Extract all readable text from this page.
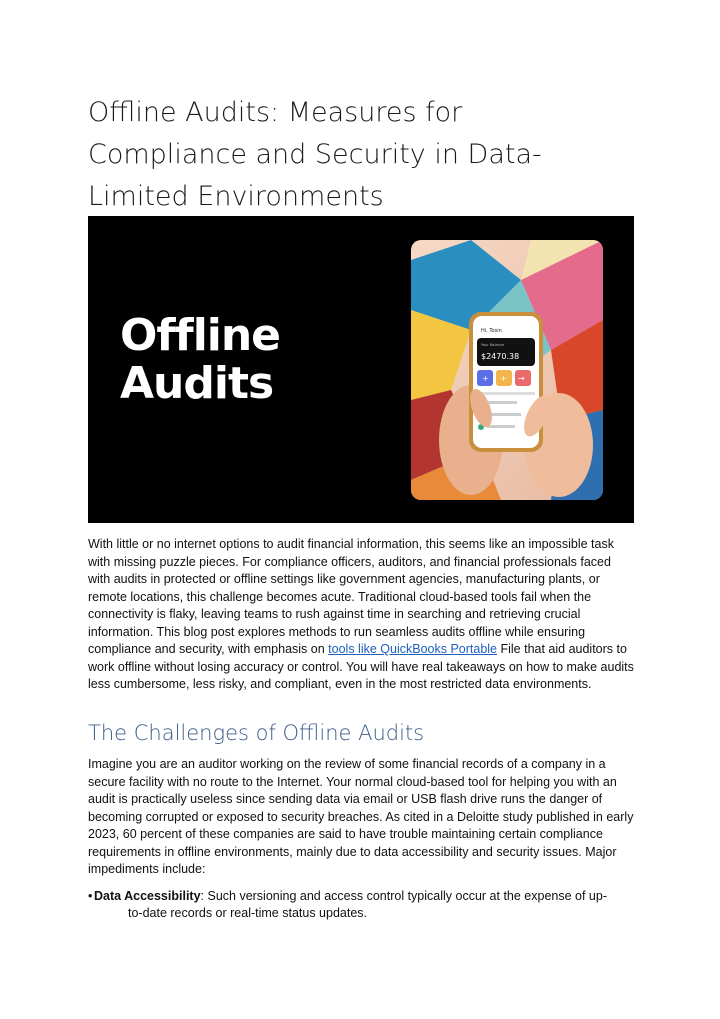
Offline Audits: Measures for Compliance and Security in Data-Limited Environments
Offline
Audits
Hi, Tosin
Your Balance
$2470.38
+ + →

With little or no internet options to audit financial information, this seems like an impossible task with missing puzzle pieces. For compliance officers, auditors, and financial professionals faced with audits in protected or offline settings like government agencies, manufacturing plants, or remote locations, this challenge becomes acute. Traditional cloud-based tools fail when the connectivity is flaky, leaving teams to rush against time in searching and retrieving crucial information. This blog post explores methods to run seamless audits offline while ensuring compliance and security, with emphasis on tools like QuickBooks Portable File that aid auditors to work offline without losing accuracy or control. You will have real takeaways on how to make audits less cumbersome, less risky, and compliant, even in the most restricted data environments.

The Challenges of Offline Audits

Imagine you are an auditor working on the review of some financial records of a company in a secure facility with no route to the Internet. Your normal cloud-based tool for helping you with an audit is practically useless since sending data via email or USB flash drive runs the danger of becoming corrupted or exposed to security breaches. As cited in a Deloitte study published in early 2023, 60 percent of these companies are said to have trouble maintaining certain compliance requirements in offline environments, mainly due to data accessibility and security issues. Major impediments include:

• Data Accessibility: Such versioning and access control typically occur at the expense of up-
to-date records or real-time status updates.
